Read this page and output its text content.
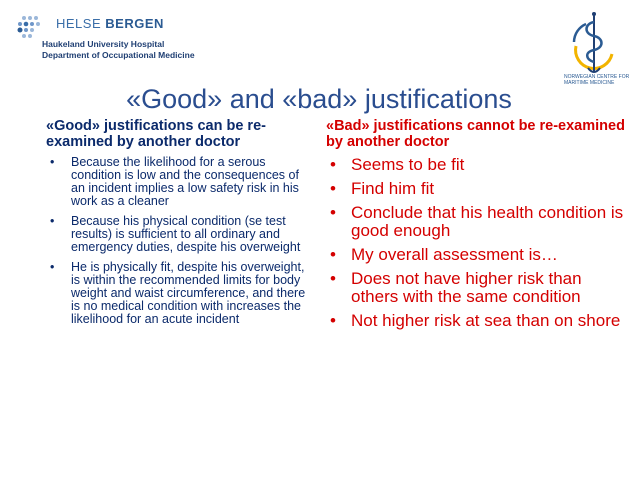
HELSE BERGEN
Haukeland University Hospital
Department of Occupational Medicine
NORWEGIAN CENTRE FOR
MARITIME MEDICINE
«Good» and «bad» justifications
«Good» justifications can be re-examined by another doctor
• Because the likelihood for a serous condition is low and the consequences of an incident implies a low safety risk in his work as a cleaner
• Because his physical condition (se test results) is sufficient to all ordinary and emergency duties, despite his overweight
• He is physically fit, despite his overweight, is within the recommended limits for body weight and waist circumference, and there is no medical condition with increases the likelihood for an acute incident
«Bad» justifications cannot be re-examined by another doctor
• Seems to be fit
• Find him fit
• Conclude that his health condition is good enough
• My overall assessment is…
• Does not have higher risk than others with the same condition
• Not higher risk at sea than on shore
